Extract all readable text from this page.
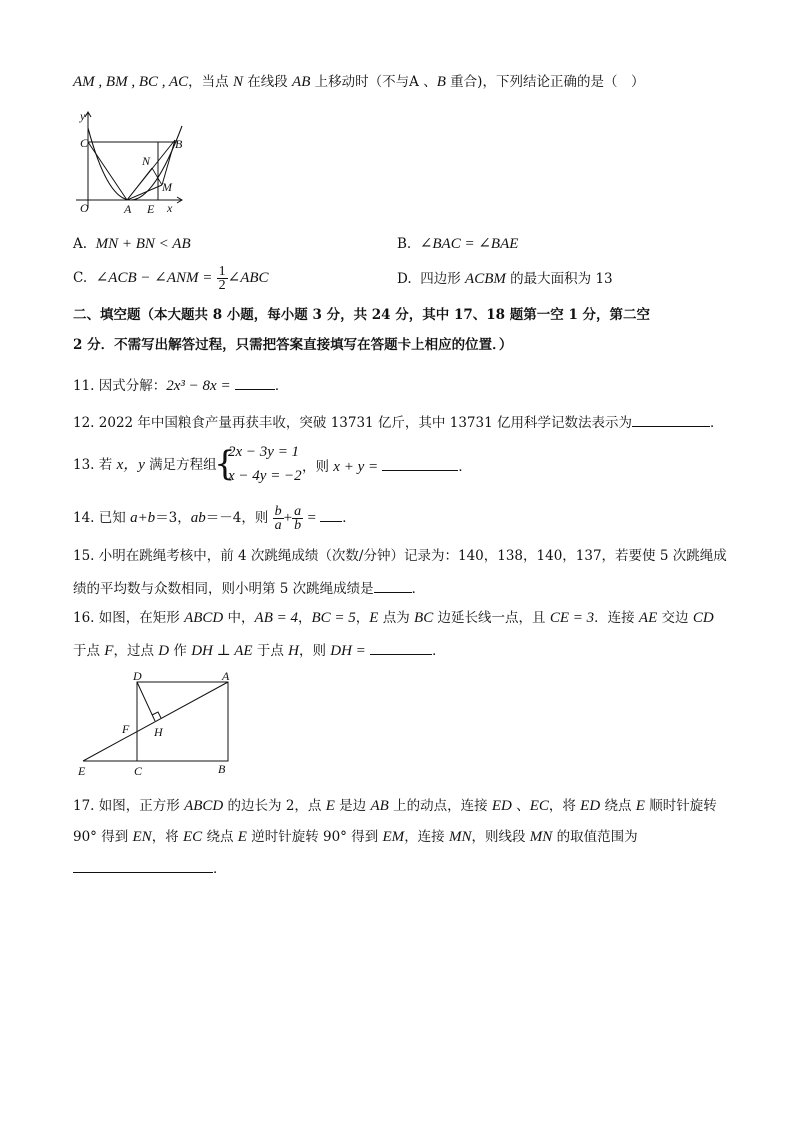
AM , BM , BC , AC，当点 N 在线段 AB 上移动时（不与A 、B 重合)，下列结论正确的是（　）
y
C
O	A E x
N
B
M
A. MN + BN < AB	B. ∠BAC = ∠BAE
C. ∠ACB − ∠ANM = $\frac{1}{2}$ ∠ABC	D. 四边形 ACBM 的最大面积为 13
二、填空题（本大题共 8 小题，每小题 3 分，共 24 分，其中 17、18 题第一空 1 分，第二空
2 分．不需写出解答过程，只需把答案直接填写在答题卡上相应的位置．）
11. 因式分解：2x³ − 8x =	．
12. 2022 年中国粮食产量再获丰收，突破 13731 亿斤，其中 13731 亿用科学记数法表示为	．
13. 若 x，y 满足方程组
{
2x − 3y = 1
x − 4y = −2
，则 x + y =	．
14. 已知 a+b＝3，ab＝－4，则 $\frac{b}{a} + \frac{a}{b}$ = ．
15. 小明在跳绳考核中，前 4 次跳绳成绩（次数/分钟）记录为：140，138，140，137，若要使 5 次跳绳成
绩的平均数与众数相同，则小明第 5 次跳绳成绩是	．
16. 如图，在矩形 ABCD 中，AB = 4，BC = 5，E 点为 BC 边延长线一点，且 CE = 3．连接 AE 交边 CD
于点 F，过点 D 作 DH ⊥ AE 于点 H，则 DH =	．
D	A
F H
E	C	B
17. 如图，正方形 ABCD 的边长为 2，点 E 是边 AB 上的动点，连接 ED 、EC，将 ED 绕点 E 顺时针旋转
90° 得到 EN，将 EC 绕点 E 逆时针旋转 90° 得到 EM，连接 MN，则线段 MN 的取值范围为
．
